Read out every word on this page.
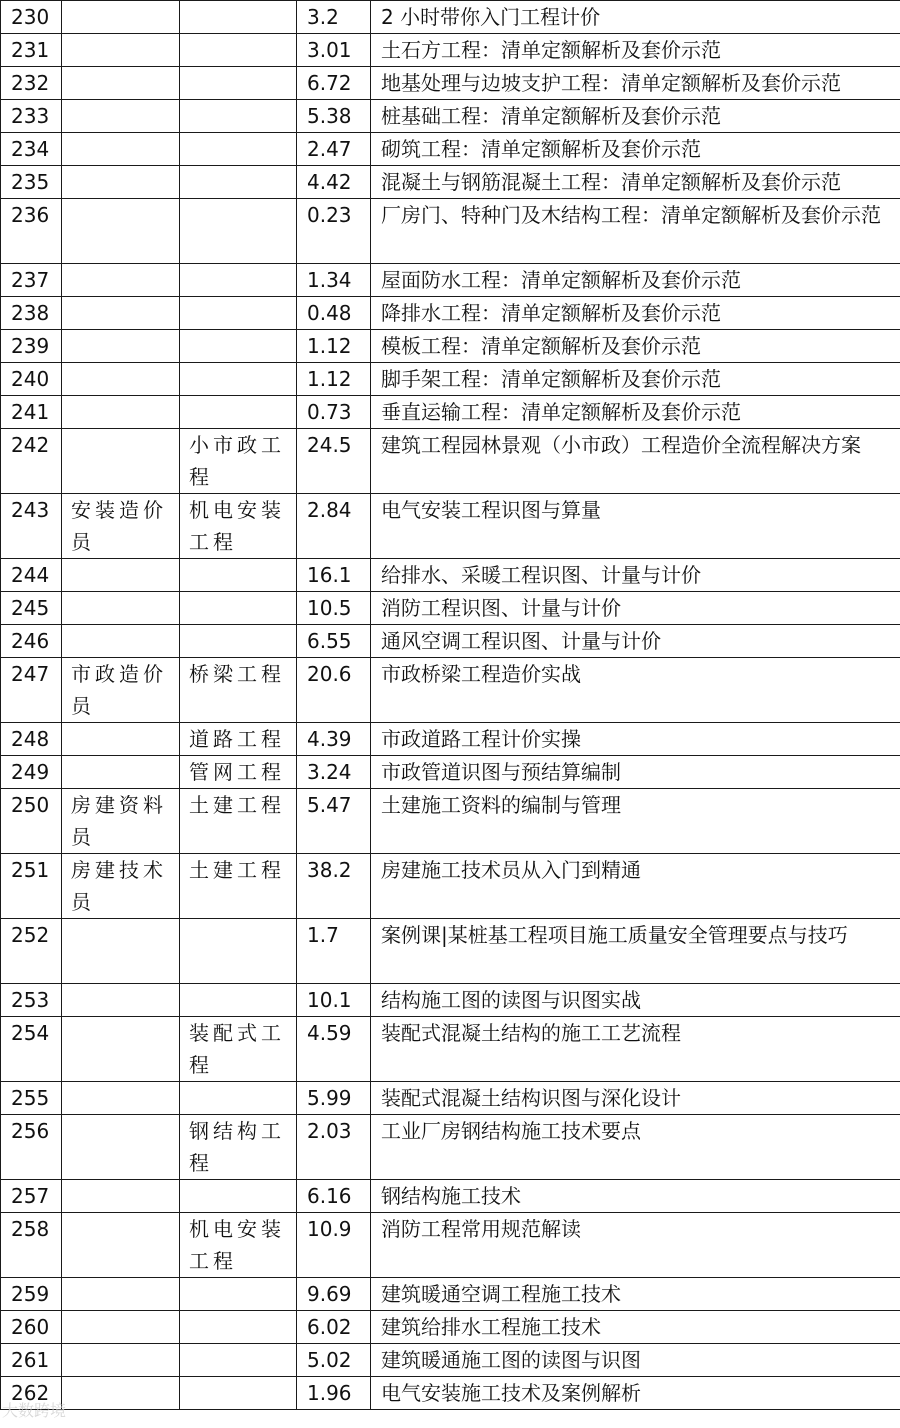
230			3.2	2 小时带你入门工程计价
231			3.01	土石方工程：清单定额解析及套价示范
232			6.72	地基处理与边坡支护工程：清单定额解析及套价示范
233			5.38	桩基础工程：清单定额解析及套价示范
234			2.47	砌筑工程：清单定额解析及套价示范
235			4.42	混凝土与钢筋混凝土工程：清单定额解析及套价示范
236			0.23	厂房门、特种门及木结构工程：清单定额解析及套价示范
237			1.34	屋面防水工程：清单定额解析及套价示范
238			0.48	降排水工程：清单定额解析及套价示范
239			1.12	模板工程：清单定额解析及套价示范
240			1.12	脚手架工程：清单定额解析及套价示范
241			0.73	垂直运输工程：清单定额解析及套价示范
242		小市政工程	24.5	建筑工程园林景观（小市政）工程造价全流程解决方案
243	安装造价员	机电安装工程	2.84	电气安装工程识图与算量
244			16.1	给排水、采暖工程识图、计量与计价
245			10.5	消防工程识图、计量与计价
246			6.55	通风空调工程识图、计量与计价
247	市政造价员	桥梁工程	20.6	市政桥梁工程造价实战
248		道路工程	4.39	市政道路工程计价实操
249		管网工程	3.24	市政管道识图与预结算编制
250	房建资料员	土建工程	5.47	土建施工资料的编制与管理
251	房建技术员	土建工程	38.2	房建施工技术员从入门到精通
252			1.7	案例课|某桩基工程项目施工质量安全管理要点与技巧
253			10.1	结构施工图的读图与识图实战
254		装配式工程	4.59	装配式混凝土结构的施工工艺流程
255			5.99	装配式混凝土结构识图与深化设计
256		钢结构工程	2.03	工业厂房钢结构施工技术要点
257			6.16	钢结构施工技术
258		机电安装工程	10.9	消防工程常用规范解读
259			9.69	建筑暖通空调工程施工技术
260			6.02	建筑给排水工程施工技术
261			5.02	建筑暖通施工图的读图与识图
262			1.96	电气安装施工技术及案例解析
大数跨境
